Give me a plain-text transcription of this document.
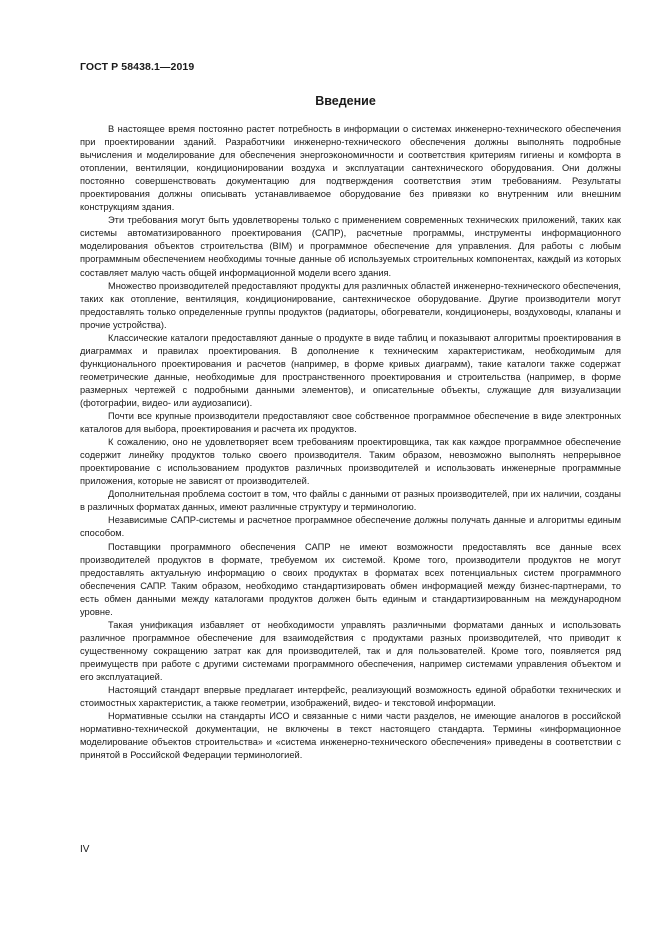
ГОСТ Р 58438.1—2019
Введение

В настоящее время постоянно растет потребность в информации о системах инженерно-технического обеспечения при проектировании зданий. Разработчики инженерно-технического обеспечения должны выполнять подробные вычисления и моделирование для обеспечения энергоэкономичности и соответствия критериям гигиены и комфорта в отоплении, вентиляции, кондиционировании воздуха и эксплуатации сантехнического оборудования. Они должны постоянно совершенствовать документацию для подтверждения соответствия этим требованиям. Результаты проектирования должны описывать устанавливаемое оборудование без привязки ко внутренним или внешним конструкциям здания.

Эти требования могут быть удовлетворены только с применением современных технических приложений, таких как системы автоматизированного проектирования (САПР), расчетные программы, инструменты информационного моделирования объектов строительства (BIM) и программное обеспечение для управления. Для работы с любым программным обеспечением необходимы точные данные об используемых строительных компонентах, каждый из которых составляет малую часть общей информационной модели всего здания.

Множество производителей предоставляют продукты для различных областей инженерно-технического обеспечения, таких как отопление, вентиляция, кондиционирование, сантехническое оборудование. Другие производители могут предоставлять только определенные группы продуктов (радиаторы, обогреватели, кондиционеры, воздуховоды, клапаны и прочие устройства).

Классические каталоги предоставляют данные о продукте в виде таблиц и показывают алгоритмы проектирования в диаграммах и правилах проектирования. В дополнение к техническим характеристикам, необходимым для функционального проектирования и расчетов (например, в форме кривых диаграмм), такие каталоги также содержат геометрические данные, необходимые для пространственного проектирования и строительства (например, в форме размерных чертежей с подробными данными элементов), и описательные объекты, служащие для визуализации (фотографии, видео- или аудиозаписи).

Почти все крупные производители предоставляют свое собственное программное обеспечение в виде электронных каталогов для выбора, проектирования и расчета их продуктов.

К сожалению, оно не удовлетворяет всем требованиям проектировщика, так как каждое программное обеспечение содержит линейку продуктов только своего производителя. Таким образом, невозможно выполнять непрерывное проектирование с использованием продуктов различных производителей и использовать инженерные программные приложения, которые не зависят от производителей.

Дополнительная проблема состоит в том, что файлы с данными от разных производителей, при их наличии, созданы в различных форматах данных, имеют различные структуру и терминологию.

Независимые САПР-системы и расчетное программное обеспечение должны получать данные и алгоритмы единым способом.

Поставщики программного обеспечения САПР не имеют возможности предоставлять все данные всех производителей продуктов в формате, требуемом их системой. Кроме того, производители продуктов не могут предоставлять актуальную информацию о своих продуктах в форматах всех потенциальных систем программного обеспечения САПР. Таким образом, необходимо стандартизировать обмен информацией между бизнес-партнерами, то есть обмен данными между каталогами продуктов должен быть единым и стандартизированным на международном уровне.

Такая унификация избавляет от необходимости управлять различными форматами данных и использовать различное программное обеспечение для взаимодействия с продуктами разных производителей, что приводит к существенному сокращению затрат как для производителей, так и для пользователей. Кроме того, появляется ряд преимуществ при работе с другими системами программного обеспечения, например системами управления объектом и его эксплуатацией.

Настоящий стандарт впервые предлагает интерфейс, реализующий возможность единой обработки технических и стоимостных характеристик, а также геометрии, изображений, видео- и текстовой информации.

Нормативные ссылки на стандарты ИСО и связанные с ними части разделов, не имеющие аналогов в российской нормативно-технической документации, не включены в текст настоящего стандарта. Термины «информационное моделирование объектов строительства» и «система инженерно-технического обеспечения» приведены в соответствии с принятой в Российской Федерации терминологией.

IV
